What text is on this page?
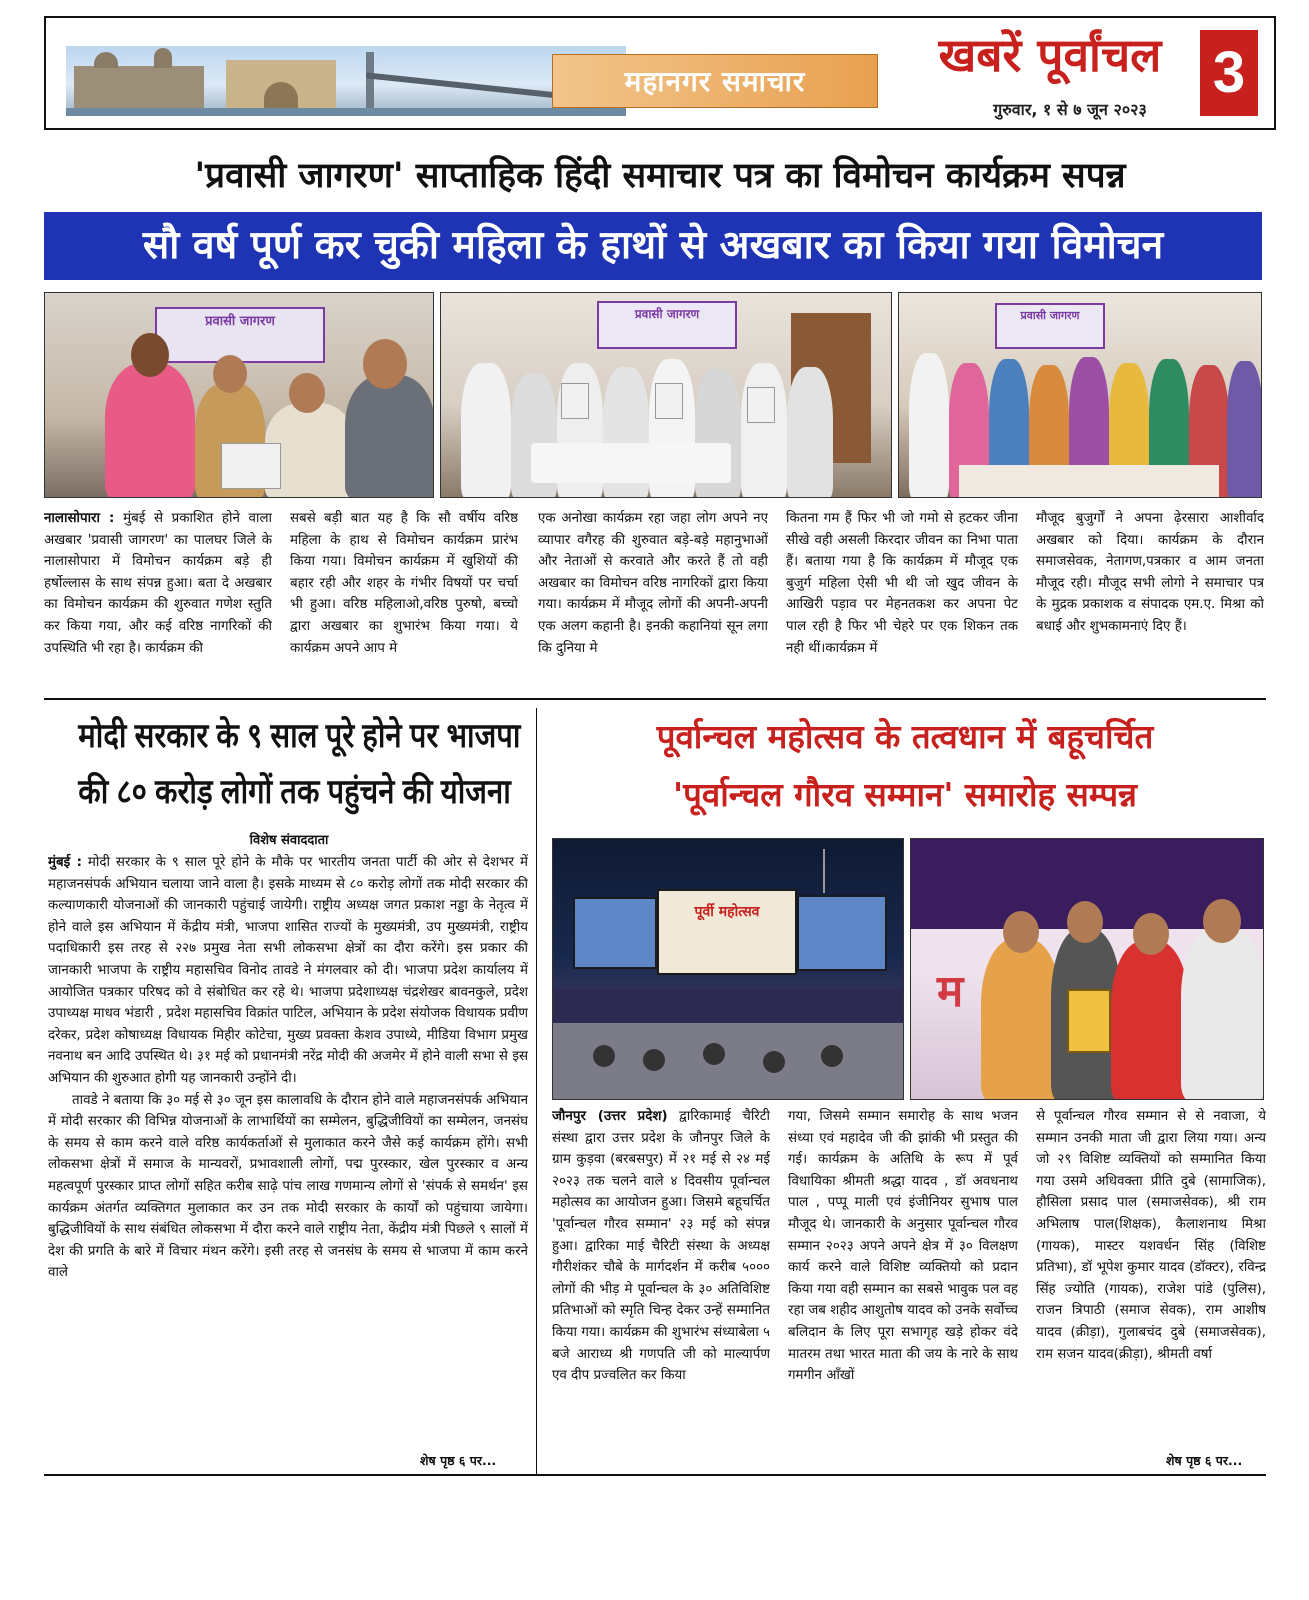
महानगर समाचार	खबरें पूर्वांचल 3
गुरुवार, १ से ७ जून २०२३
'प्रवासी जागरण' साप्ताहिक हिंदी समाचार पत्र का विमोचन कार्यक्रम सपन्न
सौ वर्ष पूर्ण कर चुकी महिला के हाथों से अखबार का किया गया विमोचन
प्रवासी जागरण	प्रवासी जागरण	प्रवासी जागरण
नालासोपारा : मुंबई से प्रकाशित होने वाला अखबार 'प्रवासी जागरण' का पालघर जिले के नालासोपारा में विमोचन कार्यक्रम बड़े ही हर्षोल्लास के साथ संपन्न हुआ। बता दे अखबार का विमोचन कार्यक्रम की शुरुवात गणेश स्तुति कर किया गया, और कई वरिष्ठ नागरिकों की उपस्थिति भी रहा है। कार्यक्रम की
सबसे बड़ी बात यह है कि सौ वर्षीय वरिष्ठ महिला के हाथ से विमोचन कार्यक्रम प्रारंभ किया गया। विमोचन कार्यक्रम में खुशियों की बहार रही और शहर के गंभीर विषयों पर चर्चा भी हुआ। वरिष्ठ महिलाओ,वरिष्ठ पुरुषो, बच्चो द्वारा अखबार का शुभारंभ किया गया। ये कार्यक्रम अपने आप मे
एक अनोखा कार्यक्रम रहा जहा लोग अपने नए व्यापार वगैरह की शुरुवात बड़े-बड़े महानुभाओं और नेताओं से करवाते और करते हैं तो वही अखबार का विमोचन वरिष्ठ नागरिकों द्वारा किया गया। कार्यक्रम में मौजूद लोगों की अपनी-अपनी एक अलग कहानी है। इनकी कहानियां सून लगा कि दुनिया मे
कितना गम हैं फिर भी जो गमो से हटकर जीना सीखे वही असली किरदार जीवन का निभा पाता हैं। बताया गया है कि कार्यक्रम में मौजूद एक बुजुर्ग महिला ऐसी भी थी जो खुद जीवन के आखिरी पड़ाव पर मेहनतकश कर अपना पेट पाल रही है फिर भी चेहरे पर एक शिकन तक नही थीं।कार्यक्रम में
मौजूद बुजुर्गों ने अपना ढ़ेरसारा आशीर्वाद अखबार को दिया। कार्यक्रम के दौरान समाजसेवक, नेतागण,पत्रकार व आम जनता मौजूद रही। मौजूद सभी लोगो ने समाचार पत्र के मुद्रक प्रकाशक व संपादक एम.ए. मिश्रा को बधाई और शुभकामनाएं दिए हैं।
मोदी सरकार के ९ साल पूरे होने पर भाजपा
की ८० करोड़ लोगों तक पहुंचने की योजना
विशेष संवाददाता
मुंबई : मोदी सरकार के ९ साल पूरे होने के मौके पर भारतीय जनता पार्टी की ओर से देशभर में महाजनसंपर्क अभियान चलाया जाने वाला है। इसके माध्यम से ८० करोड़ लोगों तक मोदी सरकार की कल्याणकारी योजनाओं की जानकारी पहुंचाई जायेगी। राष्ट्रीय अध्यक्ष जगत प्रकाश नड्डा के नेतृत्व में होने वाले इस अभियान में केंद्रीय मंत्री, भाजपा शासित राज्यों के मुख्यमंत्री, उप मुख्यमंत्री, राष्ट्रीय पदाधिकारी इस तरह से २२७ प्रमुख नेता सभी लोकसभा क्षेत्रों का दौरा करेंगे। इस प्रकार की जानकारी भाजपा के राष्ट्रीय महासचिव विनोद तावडे ने मंगलवार को दी। भाजपा प्रदेश कार्यालय में आयोजित पत्रकार परिषद को वे संबोधित कर रहे थे। भाजपा प्रदेशाध्यक्ष चंद्रशेखर बावनकुले, प्रदेश उपाध्यक्ष माधव भंडारी , प्रदेश महासचिव विक्रांत पाटिल, अभियान के प्रदेश संयोजक विधायक प्रवीण दरेकर, प्रदेश कोषाध्यक्ष विधायक मिहीर कोटेचा, मुख्य प्रवक्ता केशव उपाध्ये, मीडिया विभाग प्रमुख नवनाथ बन आदि उपस्थित थे। ३१ मई को प्रधानमंत्री नरेंद्र मोदी की अजमेर में होने वाली सभा से इस अभियान की शुरुआत होगी यह जानकारी उन्होंने दी।
तावडे ने बताया कि ३० मई से ३० जून इस कालावधि के दौरान होने वाले महाजनसंपर्क अभियान में मोदी सरकार की विभिन्न योजनाओं के लाभार्थियों का सम्मेलन, बुद्धिजीवियों का सम्मेलन, जनसंघ के समय से काम करने वाले वरिष्ठ कार्यकर्ताओं से मुलाकात करने जैसे कई कार्यक्रम होंगे। सभी लोकसभा क्षेत्रों में समाज के मान्यवरों, प्रभावशाली लोगों, पद्म पुरस्कार, खेल पुरस्कार व अन्य महत्वपूर्ण पुरस्कार प्राप्त लोगों सहित करीब साढ़े पांच लाख गणमान्य लोगों से 'संपर्क से समर्थन' इस कार्यक्रम अंतर्गत व्यक्तिगत मुलाकात कर उन तक मोदी सरकार के कार्यों को पहुंचाया जायेगा। बुद्धिजीवियों के साथ संबंधित लोकसभा में दौरा करने वाले राष्ट्रीय नेता, केंद्रीय मंत्री पिछले ९ सालों में देश की प्रगति के बारे में विचार मंथन करेंगे। इसी तरह से जनसंघ के समय से भाजपा में काम करने वाले
शेष पृष्ठ ६ पर...
पूर्वान्चल महोत्सव के तत्वधान में बहूचर्चित
'पूर्वान्चल गौरव सम्मान' समारोह सम्पन्न
पूर्वी महोत्सव
म
जौनपुर (उत्तर प्रदेश) द्वारिकामाई चैरिटी संस्था द्वारा उत्तर प्रदेश के जौनपुर जिले के ग्राम कुड़वा (बरबसपुर) में २१ मई से २४ मई २०२३ तक चलने वाले ४ दिवसीय पूर्वान्चल महोत्सव का आयोजन हुआ। जिसमे बहूचर्चित 'पूर्वान्चल गौरव सम्मान' २३ मई को संपन्न हुआ। द्वारिका माई चैरिटी संस्था के अध्यक्ष गौरीशंकर चौबे के मार्गदर्शन में करीब ५००० लोगों की भीड़ मे पूर्वान्चल के ३० अतिविशिष्ट प्रतिभाओं को स्मृति चिन्ह देकर उन्हें सम्मानित किया गया। कार्यक्रम की शुभारंभ संध्याबेला ५ बजे आराध्य श्री गणपति जी को माल्यार्पण एव दीप प्रज्वलित कर किया
गया, जिसमे सम्मान समारोह के साथ भजन संध्या एवं महादेव जी की झांकी भी प्रस्तुत की गई। कार्यक्रम के अतिथि के रूप में पूर्व विधायिका श्रीमती श्रद्धा यादव , डॉ अवधनाथ पाल , पप्पू माली एवं इंजीनियर सुभाष पाल मौजूद थे। जानकारी के अनुसार पूर्वान्चल गौरव सम्मान २०२३ अपने अपने क्षेत्र में ३० विलक्षण कार्य करने वाले विशिष्ट व्यक्तियो को प्रदान किया गया वही सम्मान का सबसे भावुक पल वह रहा जब शहीद आशुतोष यादव को उनके सर्वोच्च बलिदान के लिए पूरा सभागृह खड़े होकर वंदे मातरम तथा भारत माता की जय के नारे के साथ गमगीन आँखों
से पूर्वान्चल गौरव सम्मान से से नवाजा, ये सम्मान उनकी माता जी द्वारा लिया गया। अन्य जो २९ विशिष्ट व्यक्तियों को सम्मानित किया गया उसमे अधिवक्ता प्रीति दुबे (सामाजिक), हौसिला प्रसाद पाल (समाजसेवक), श्री राम अभिलाष पाल(शिक्षक), कैलाशनाथ मिश्रा (गायक), मास्टर यशवर्धन सिंह (विशिष्ट प्रतिभा), डॉ भूपेश कुमार यादव (डॉक्टर), रविन्द्र सिंह ज्योति (गायक), राजेश पांडे (पुलिस), राजन त्रिपाठी (समाज सेवक), राम आशीष यादव (क्रीड़ा), गुलाबचंद दुबे (समाजसेवक), राम सजन यादव(क्रीड़ा), श्रीमती वर्षा
शेष पृष्ठ ६ पर...
